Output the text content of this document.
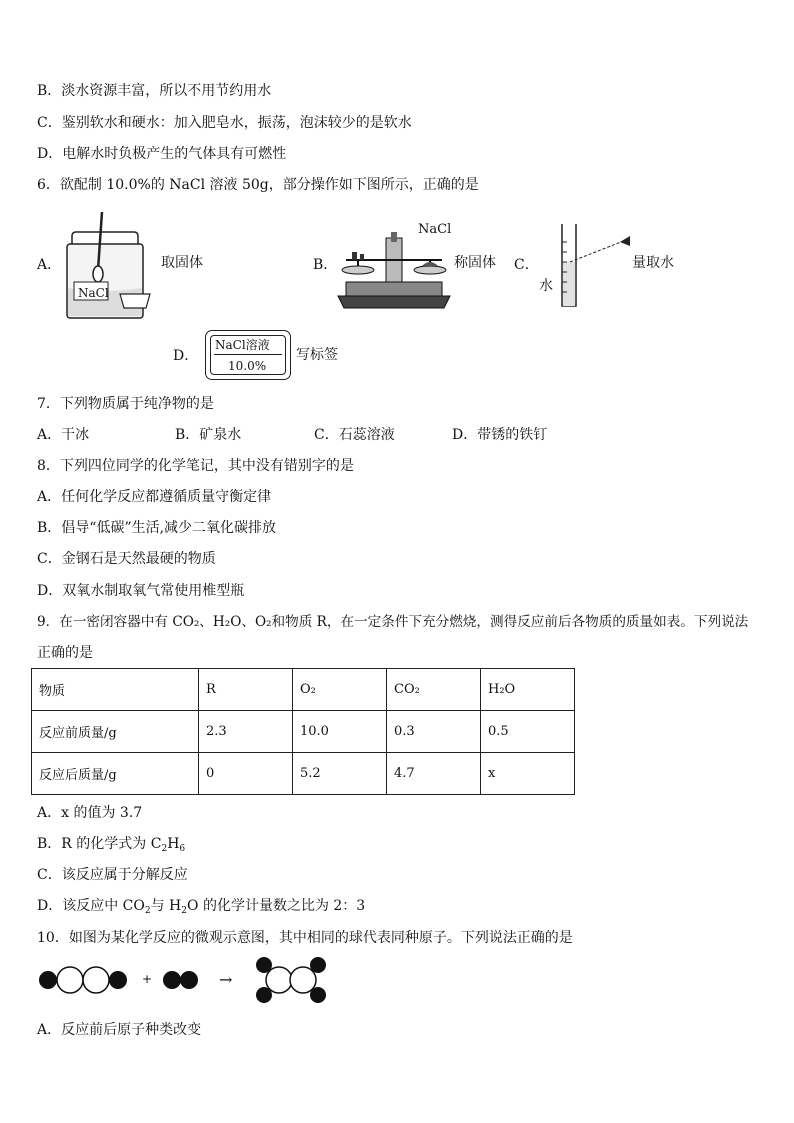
B．淡水资源丰富，所以不用节约用水
C．鉴别软水和硬水：加入肥皂水，振荡，泡沫较少的是软水
D．电解水时负极产生的气体具有可燃性
6．欲配制 10.0%的 NaCl 溶液 50g，部分操作如下图所示，正确的是
A．
NaCl
取固体	B．
NaCl
称固体 C．
水
量取水
D．
NaCl溶液
10.0%
写标签
7．下列物质属于纯净物的是
A．干冰	B．矿泉水	C．石蕊溶液	D．带锈的铁钉
8．下列四位同学的化学笔记，其中没有错别字的是
A．任何化学反应都遵循质量守衡定律
B．倡导“低碳”生活,减少二氧化碳排放
C．金钢石是天然最硬的物质
D．双氧水制取氧气常使用椎型瓶
9．在一密闭容器中有 CO₂、H₂O、O₂和物质 R，在一定条件下充分燃烧，测得反应前后各物质的质量如表。下列说法
正确的是
物质	R	O₂	CO₂	H₂O
反应前质量/g	2.3	10.0	0.3	0.5
反应后质量/g	0	5.2	4.7	x
A．x 的值为 3.7
B．R 的化学式为 $C_2H_6$
C．该反应属于分解反应
D．该反应中 $CO_2$与 $H_2O$ 的化学计量数之比为 2：3
10．如图为某化学反应的微观示意图，其中相同的球代表同种原子。下列说法正确的是
+	→
A．反应前后原子种类改变
